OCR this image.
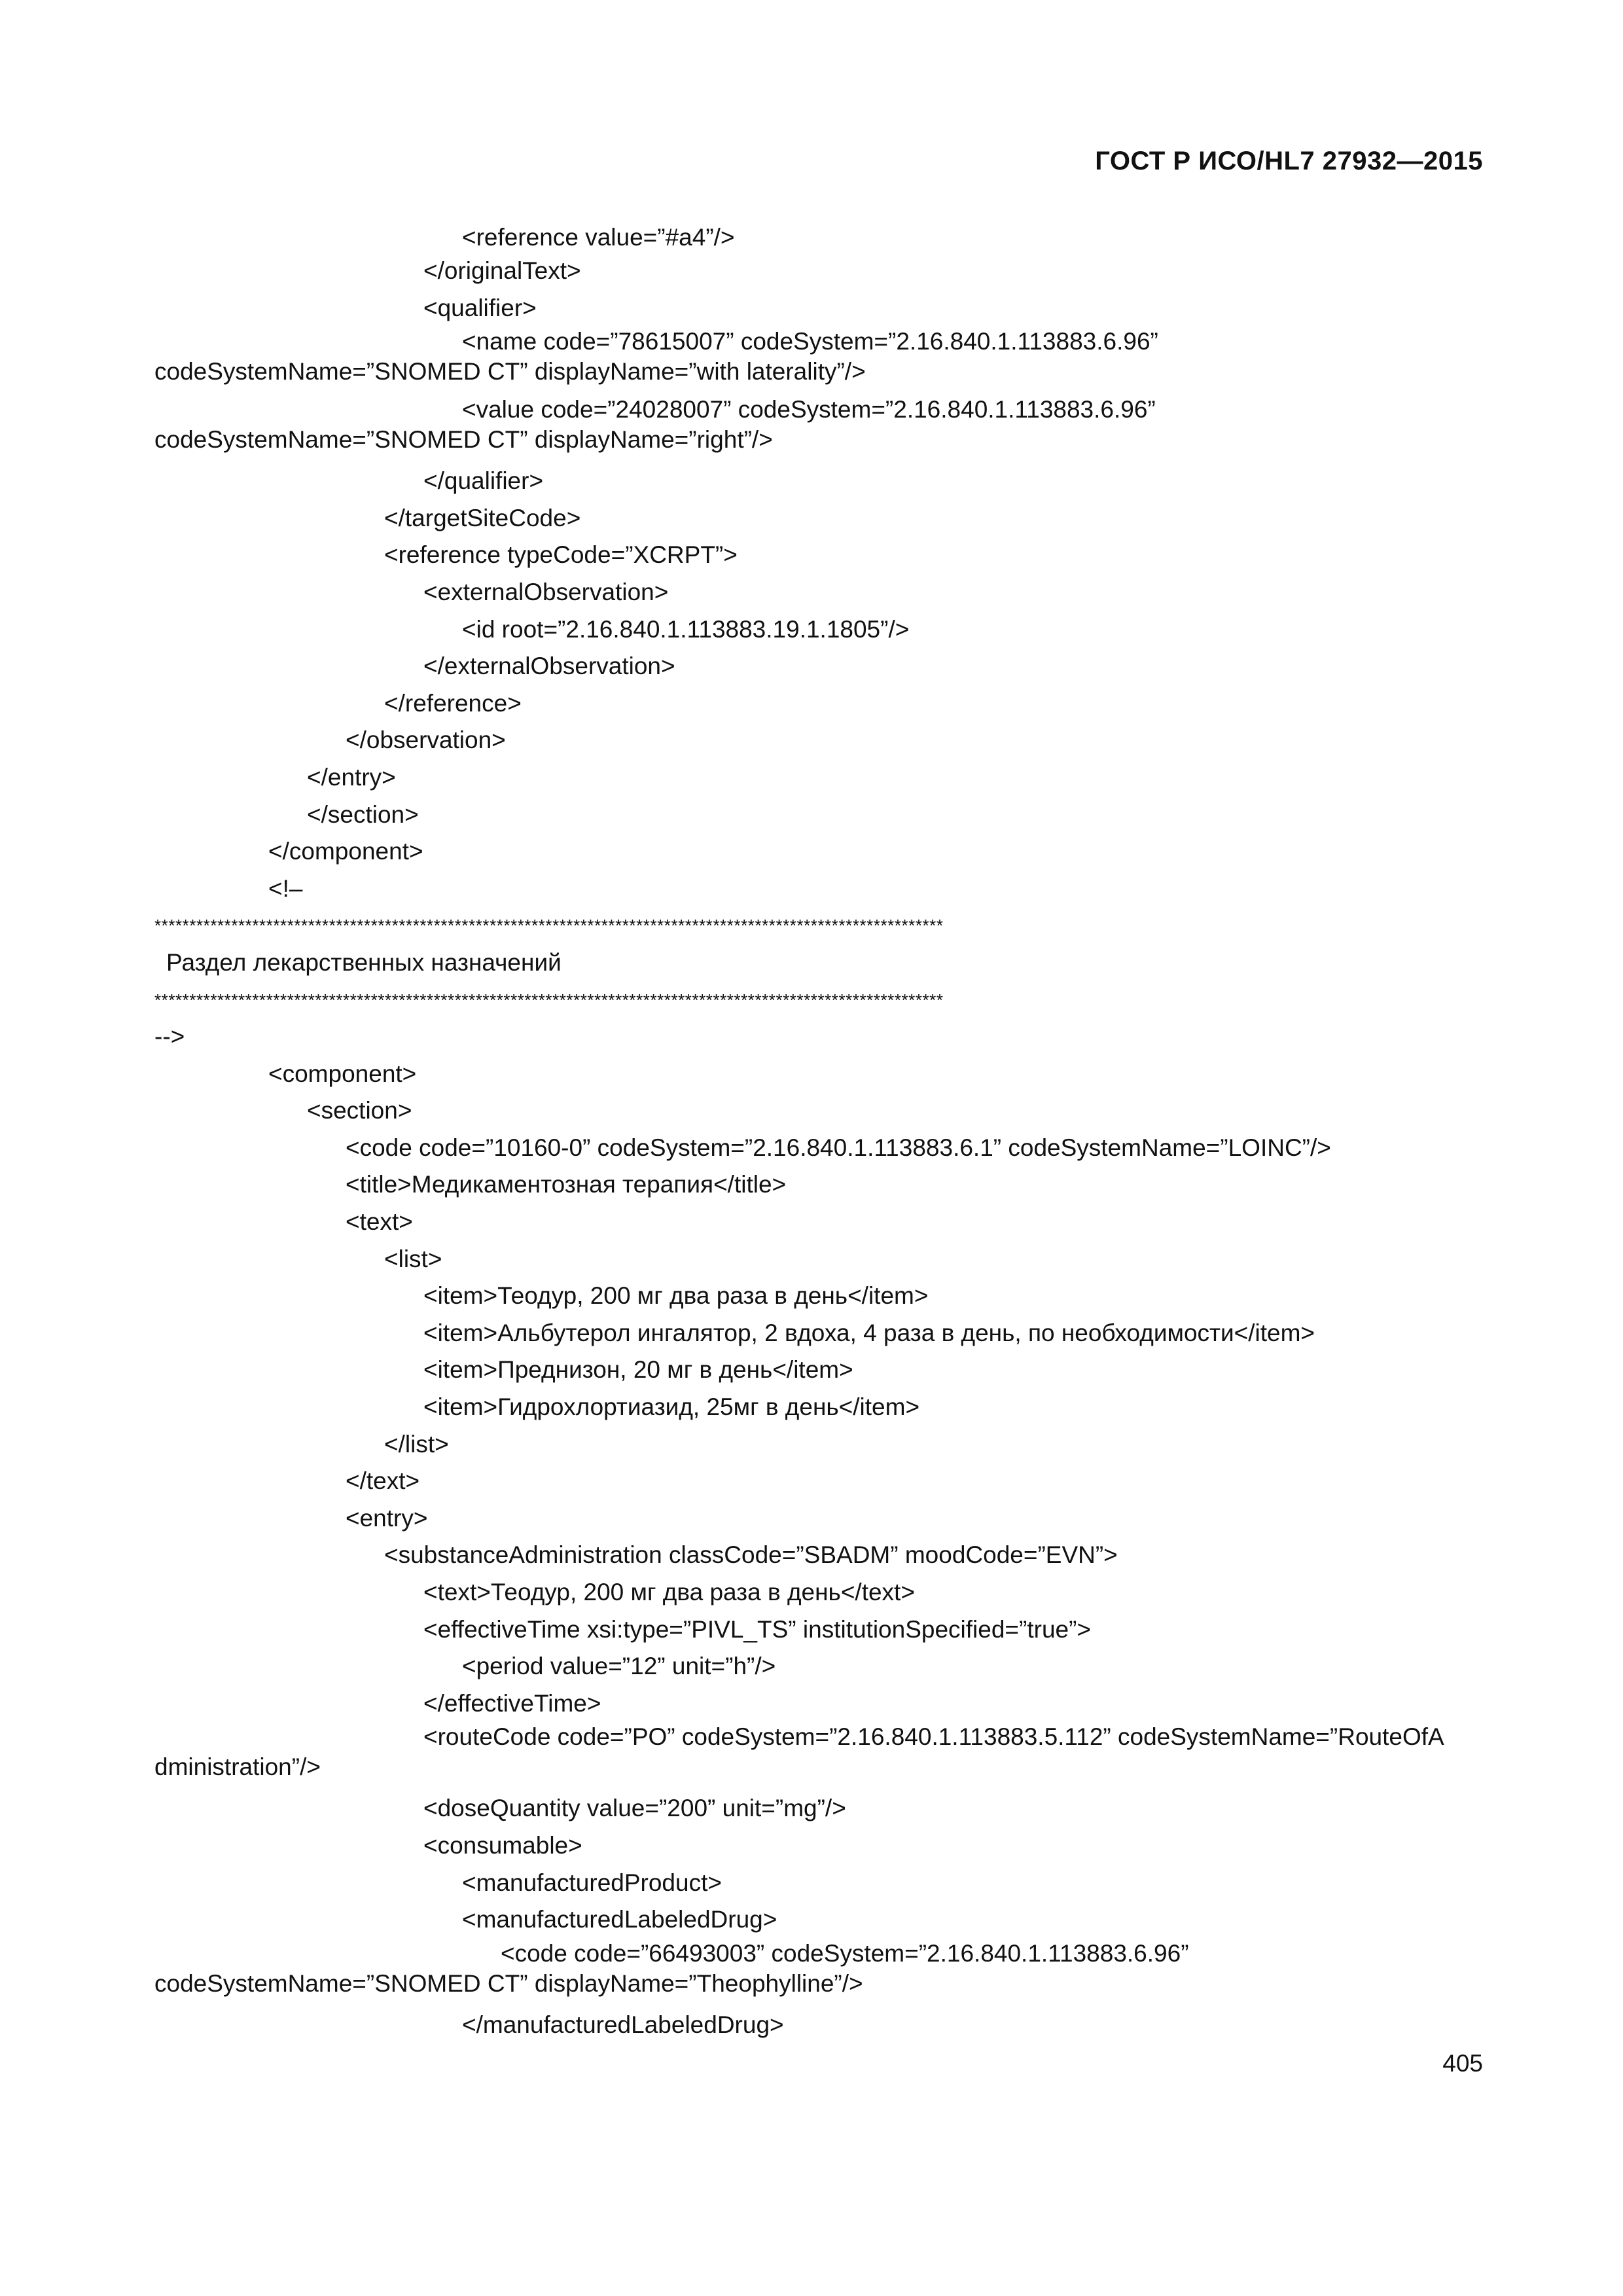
ГОСТ Р ИСО/HL7 27932—2015
<reference value=”#a4”/>
</originalText>
<qualifier>
<name code=”78615007” codeSystem=”2.16.840.1.113883.6.96”
codeSystemName=”SNOMED CT” displayName=”with laterality”/>
<value code=”24028007” codeSystem=”2.16.840.1.113883.6.96”
codeSystemName=”SNOMED CT” displayName=”right”/>
</qualifier>
</targetSiteCode>
<reference typeCode=”XCRPT”>
<externalObservation>
<id root=”2.16.840.1.113883.19.1.1805”/>
</externalObservation>
</reference>
</observation>
</entry>
</section>
</component>
<!–
*****************************************************************************************************************
Раздел лекарственных назначений
*****************************************************************************************************************
-->
<component>
<section>
<code code=”10160-0” codeSystem=”2.16.840.1.113883.6.1” codeSystemName=”LOINC”/>
<title>Медикаментозная терапия</title>
<text>
<list>
<item>Теодур, 200 мг два раза в день</item>
<item>Альбутерол ингалятор, 2 вдоха, 4 раза в день, по необходимости</item>
<item>Преднизон, 20 мг в день</item>
<item>Гидрохлортиазид, 25мг в день</item>
</list>
</text>
<entry>
<substanceAdministration classCode=”SBADM” moodCode=”EVN”>
<text>Теодур, 200 мг два раза в день</text>
<effectiveTime xsi:type=”PIVL_TS” institutionSpecified=”true”>
<period value=”12” unit=”h”/>
</effectiveTime>
<routeCode code=”PO” codeSystem=”2.16.840.1.113883.5.112” codeSystemName=”RouteOfA
dministration”/>
<doseQuantity value=”200” unit=”mg”/>
<consumable>
<manufacturedProduct>
<manufacturedLabeledDrug>
<code code=”66493003” codeSystem=”2.16.840.1.113883.6.96”
codeSystemName=”SNOMED CT” displayName=”Theophylline”/>
</manufacturedLabeledDrug>
405
